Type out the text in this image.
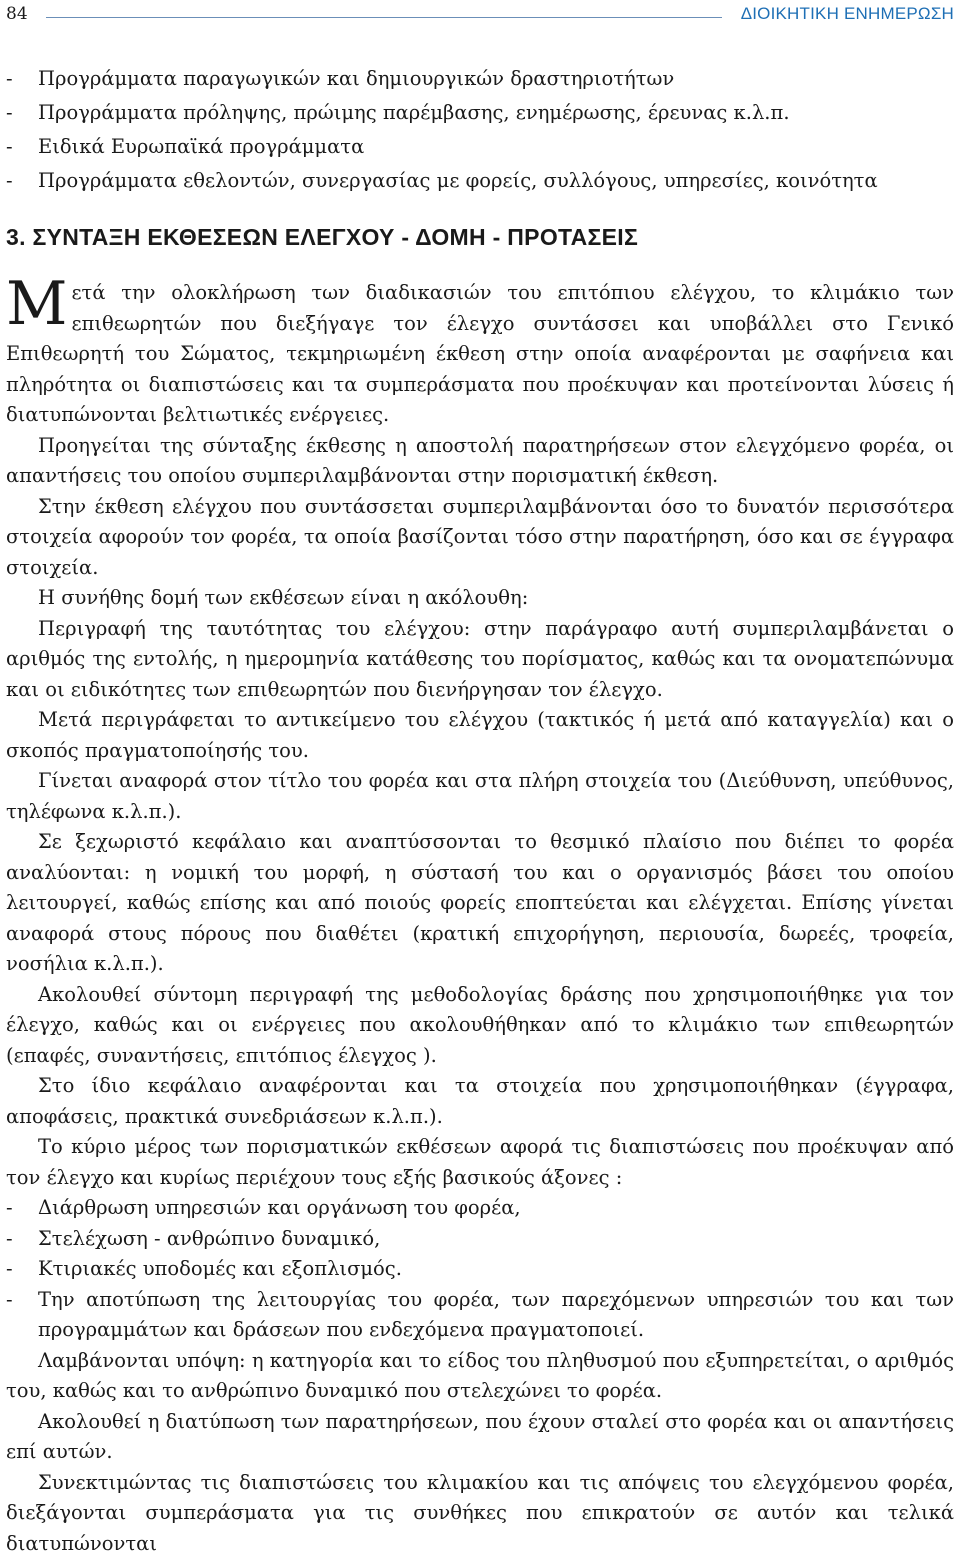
84	ΔΙΟΙΚΗΤΙΚΗ ΕΝΗΜΕΡΩΣΗ
-	Προγράμματα παραγωγικών και δημιουργικών δραστηριοτήτων
-	Προγράμματα πρόληψης, πρώιμης παρέμβασης, ενημέρωσης, έρευνας κ.λ.π.
-	Ειδικά Ευρωπαϊκά προγράμματα
-	Προγράμματα εθελοντών, συνεργασίας με φορείς, συλλόγους, υπηρεσίες, κοινότητα
3. ΣΥΝΤΑΞΗ ΕΚΘΕΣΕΩΝ ΕΛΕΓΧΟΥ - ΔΟΜΗ - ΠΡΟΤΑΣΕΙΣ

Μετά την ολοκλήρωση των διαδικασιών του επιτόπιου ελέγχου, το κλιμάκιο των επιθεωρητών που διεξήγαγε τον έλεγχο συντάσσει και υποβάλλει στο Γενικό Επιθεωρητή του Σώματος, τεκμηριωμένη έκθεση στην οποία αναφέρονται με σαφήνεια και πληρότητα οι διαπιστώσεις και τα συμπεράσματα που προέκυψαν και προτείνονται λύσεις ή διατυπώνονται βελτιωτικές ενέργειες.

Προηγείται της σύνταξης έκθεσης η αποστολή παρατηρήσεων στον ελεγχόμενο φορέα, οι απαντήσεις του οποίου συμπεριλαμβάνονται στην πορισματική έκθεση.

Στην έκθεση ελέγχου που συντάσσεται συμπεριλαμβάνονται όσο το δυνατόν περισσότερα στοιχεία αφορούν τον φορέα, τα οποία βασίζονται τόσο στην παρατήρηση, όσο και σε έγγραφα στοιχεία.

Η συνήθης δομή των εκθέσεων είναι η ακόλουθη:

Περιγραφή της ταυτότητας του ελέγχου: στην παράγραφο αυτή συμπεριλαμβάνεται ο αριθμός της εντολής, η ημερομηνία κατάθεσης του πορίσματος, καθώς και τα ονοματεπώνυμα και οι ειδικότητες των επιθεωρητών που διενήργησαν τον έλεγχο.

Μετά περιγράφεται το αντικείμενο του ελέγχου (τακτικός ή μετά από καταγγελία) και ο σκοπός πραγματοποίησής του.

Γίνεται αναφορά στον τίτλο του φορέα και στα πλήρη στοιχεία του (Διεύθυνση, υπεύθυνος, τηλέφωνα κ.λ.π.).

Σε ξεχωριστό κεφάλαιο και αναπτύσσονται το θεσμικό πλαίσιο που διέπει το φορέα αναλύονται: η νομική του μορφή, η σύστασή του και ο οργανισμός βάσει του οποίου λειτουργεί, καθώς επίσης και από ποιούς φορείς εποπτεύεται και ελέγχεται. Επίσης γίνεται αναφορά στους πόρους που διαθέτει (κρατική επιχορήγηση, περιουσία, δωρεές, τροφεία, νοσήλια κ.λ.π.).

Ακολουθεί σύντομη περιγραφή της μεθοδολογίας δράσης που χρησιμοποιήθηκε για τον έλεγχο, καθώς και οι ενέργειες που ακολουθήθηκαν από το κλιμάκιο των επιθεωρητών (επαφές, συναντήσεις, επιτόπιος έλεγχος ).

Στο ίδιο κεφάλαιο αναφέρονται και τα στοιχεία που χρησιμοποιήθηκαν (έγγραφα, αποφάσεις, πρακτικά συνεδριάσεων κ.λ.π.).

Το κύριο μέρος των πορισματικών εκθέσεων αφορά τις διαπιστώσεις που προέκυψαν από τον έλεγχο και κυρίως περιέχουν τους εξής βασικούς άξονες :

-	Διάρθρωση υπηρεσιών και οργάνωση του φορέα,
-	Στελέχωση - ανθρώπινο δυναμικό,
-	Κτιριακές υποδομές και εξοπλισμός.
-	Την αποτύπωση της λειτουργίας του φορέα, των παρεχόμενων υπηρεσιών του και των προγραμμάτων και δράσεων που ενδεχόμενα πραγματοποιεί.

Λαμβάνονται υπόψη: η κατηγορία και το είδος του πληθυσμού που εξυπηρετείται, ο αριθμός του, καθώς και το ανθρώπινο δυναμικό που στελεχώνει το φορέα.

Ακολουθεί η διατύπωση των παρατηρήσεων, που έχουν σταλεί στο φορέα και οι απαντήσεις επί αυτών.

Συνεκτιμώντας τις διαπιστώσεις του κλιμακίου και τις απόψεις του ελεγχόμενου φορέα, διεξάγονται συμπεράσματα για τις συνθήκες που επικρατούν σε αυτόν και τελικά διατυπώνονται
